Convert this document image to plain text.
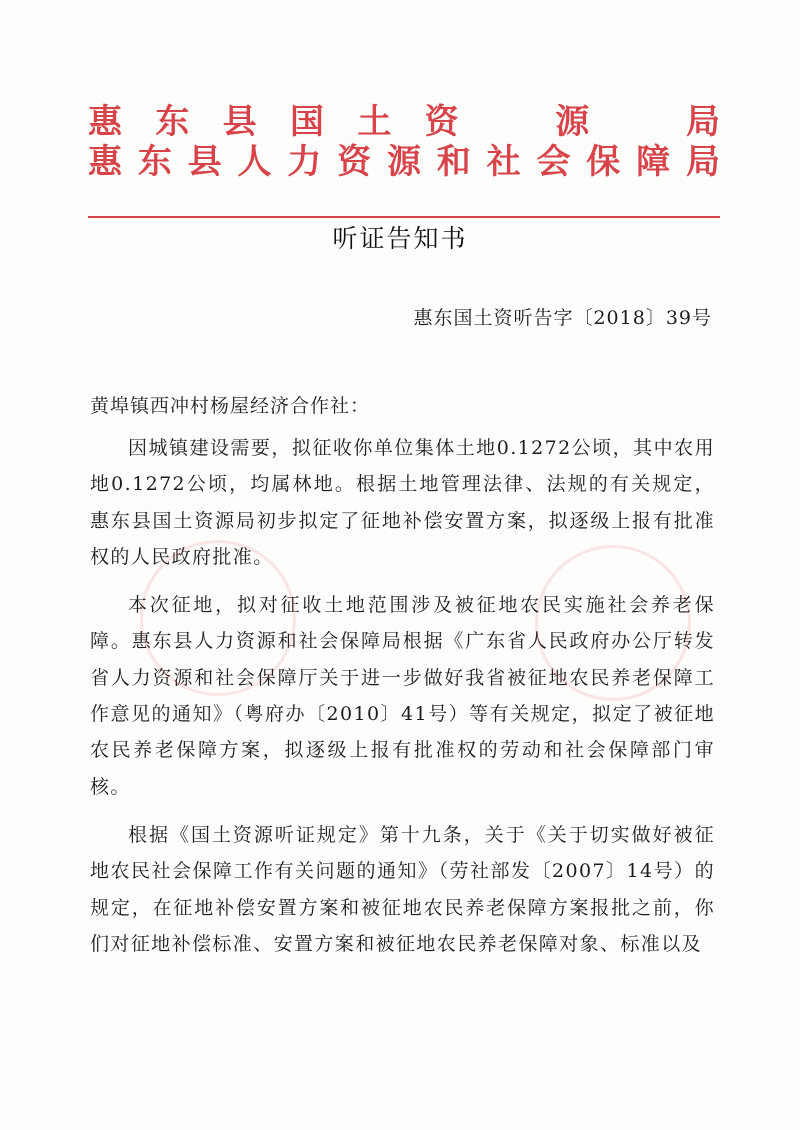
惠 东 县 国 土 资	源	局
惠 东 县 人 力 资 源 和 社 会 保 障 局
听证告知书
惠东国土资听告字〔2018〕39号
黄埠镇西冲村杨屋经济合作社：

因城镇建设需要，拟征收你单位集体土地0.1272公顷，其中农用地0.1272公顷，均属林地。根据土地管理法律、法规的有关规定，惠东县国土资源局初步拟定了征地补偿安置方案，拟逐级上报有批准权的人民政府批准。

本次征地，拟对征收土地范围涉及被征地农民实施社会养老保障。惠东县人力资源和社会保障局根据《广东省人民政府办公厅转发省人力资源和社会保障厅关于进一步做好我省被征地农民养老保障工作意见的通知》（粤府办〔2010〕41号）等有关规定，拟定了被征地农民养老保障方案，拟逐级上报有批准权的劳动和社会保障部门审核。

根据《国土资源听证规定》第十九条，关于《关于切实做好被征地农民社会保障工作有关问题的通知》（劳社部发〔2007〕14号）的规定，在征地补偿安置方案和被征地农民养老保障方案报批之前，你们对征地补偿标准、安置方案和被征地农民养老保障对象、标准以及
